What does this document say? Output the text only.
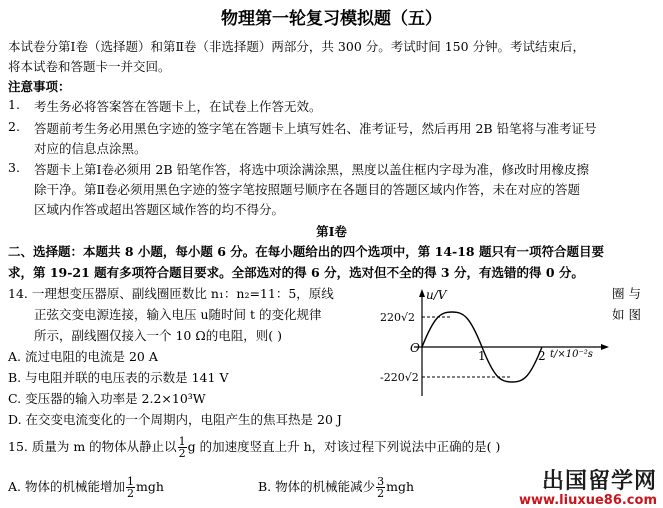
物理第一轮复习模拟题（五）
本试卷分第Ⅰ卷（选择题）和第Ⅱ卷（非选择题）两部分，共 300 分。考试时间 150 分钟。考试结束后，
将本试卷和答题卡一并交回。
注意事项：
1. 考生务必将答案答在答题卡上，在试卷上作答无效。
2. 答题前考生务必用黑色字迹的签字笔在答题卡上填写姓名、准考证号，然后再用 2B 铅笔将与准考证号
对应的信息点涂黑。
3. 答题卡上第Ⅰ卷必须用 2B 铅笔作答，将选中项涂满涂黑，黑度以盖住框内字母为准，修改时用橡皮擦
除干净。第Ⅱ卷必须用黑色字迹的签字笔按照题号顺序在各题目的答题区域内作答，未在对应的答题
区域内作答或超出答题区域作答的均不得分。
第Ⅰ卷
二、选择题：本题共 8 小题，每小题 6 分。在每小题给出的四个选项中，第 14-18 题只有一项符合题目要
求，第 19-21 题有多项符合题目要求。全部选对的得 6 分，选对但不全的得 3 分，有选错的得 0 分。
14. 一理想变压器原、副线圈匝数比 n₁：n₂=11：5，原线	圈 与
正弦交变电源连接，输入电压 u随时间 t 的变化规律	如 图
所示，副线圈仅接入一个 10 Ω的电阻，则( )
A. 流过电阻的电流是 20 A
B. 与电阻并联的电压表的示数是 141 V
C. 变压器的输入功率是 2.2×10³W
D. 在交变电流变化的一个周期内，电阻产生的焦耳热是 20 J
u/V
220√2
-220√2
O
1	2 t/×10⁻²s
15. 质量为 m 的物体从静止以 $\frac{1}{2}$ g 的加速度竖直上升 h，对该过程下列说法中正确的是( )
A. 物体的机械能增加 $\frac{1}{2}$ mgh	B. 物体的机械能减少 $\frac{3}{2}$ mgh	出国留学网
www.liuxue86.com
